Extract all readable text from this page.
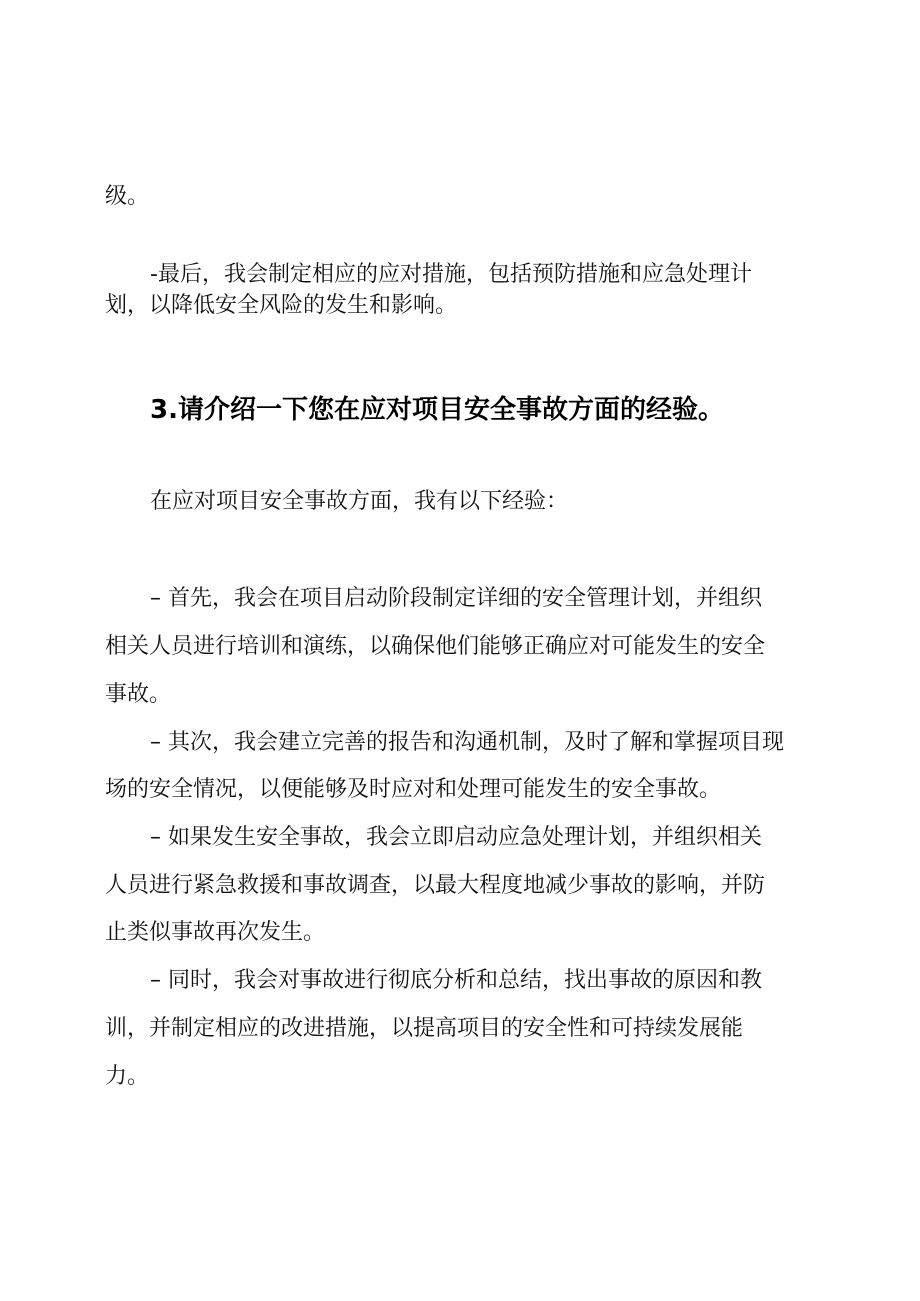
级。

-最后，我会制定相应的应对措施，包括预防措施和应急处理计

划，以降低安全风险的发生和影响。

3.请介绍一下您在应对项目安全事故方面的经验。

在应对项目安全事故方面，我有以下经验：

– 首先，我会在项目启动阶段制定详细的安全管理计划，并组织

相关人员进行培训和演练，以确保他们能够正确应对可能发生的安全

事故。

– 其次，我会建立完善的报告和沟通机制，及时了解和掌握项目现

场的安全情况，以便能够及时应对和处理可能发生的安全事故。

– 如果发生安全事故，我会立即启动应急处理计划，并组织相关

人员进行紧急救援和事故调查，以最大程度地减少事故的影响，并防

止类似事故再次发生。

– 同时，我会对事故进行彻底分析和总结，找出事故的原因和教

训，并制定相应的改进措施，以提高项目的安全性和可持续发展能

力。
